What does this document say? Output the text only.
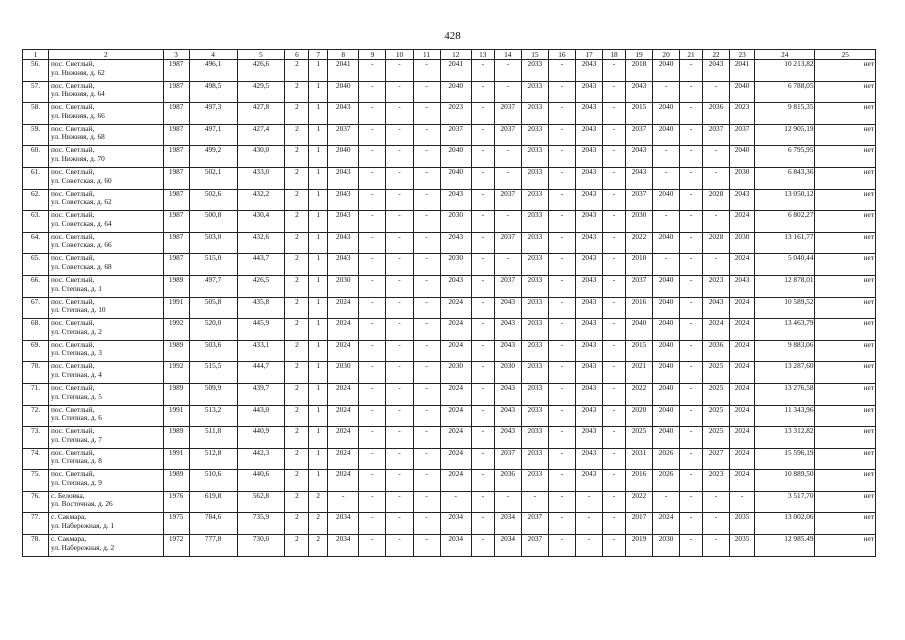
428
1	2	3	4	5	6	7	8	9	10	11	12	13	14	15	16	17	18	19	20	21	22	23	24	25
56.	пос. Светлый,
ул. Нижняя, д. 62	1987	496,1	426,6	2	1	2041	-	-	-	2041	-	-	2033	-	2043	-	2018	2040	-	2043	2041	10 213,82	нет
57.	пос. Светлый,
ул. Нижняя, д. 64	1987	498,5	429,5	2	1	2040	-	-	-	2040	-	-	2033	-	2043	-	2043	-	-	-	2040	6 788,05	нет
58.	пос. Светлый,
ул. Нижняя, д. 66	1987	497,3	427,8	2	1	2043	-	-	-	2023	-	2037	2033	-	2043	-	2015	2040	-	2036	2023	9 815,35	нет
59.	пос. Светлый,
ул. Нижняя, д. 68	1987	497,1	427,4	2	1	2037	-	-	-	2037	-	2037	2033	-	2043	-	2037	2040	-	2037	2037	12 905,19	нет
60.	пос. Светлый,
ул. Нижняя, д. 70	1987	499,2	430,0	2	1	2040	-	-	-	2040	-	-	2033	-	2043	-	2043	-	-	-	2040	6 795,95	нет
61.	пос. Светлый,
ул. Советская, д. 60	1987	502,1	433,0	2	1	2043	-	-	-	2040	-	-	2033	-	2043	-	2043	-	-	-	2030	6 843,36	нет
62.	пос. Светлый,
ул. Советская, д. 62	1987	502,6	432,2	2	1	2043	-	-	-	2043	-	2037	2033	-	2043	-	2037	2040	-	2028	2043	13 050,12	нет
63.	пос. Светлый,
ул. Советская, д. 64	1987	500,8	430,4	2	1	2043	-	-	-	2030	-	-	2033	-	2043	-	2030	-	-	-	2024	6 802,27	нет
64.	пос. Светлый,
ул. Советская, д. 66	1987	503,0	432,6	2	1	2043	-	-	-	2043	-	2037	2033	-	2043	-	2022	2040	-	2028	2030	13 161,77	нет
65.	пос. Светлый,
ул. Советская, д. 68	1987	515,0	443,7	2	1	2043	-	-	-	2030	-	-	2033	-	2043	-	2018	-	-	-	2024	5 040,44	нет
66.	пос. Светлый,
ул. Степная, д. 1	1989	497,7	426,5	2	1	2030	-	-	-	2043	-	2037	2033	-	2043	-	2037	2040	-	2023	2043	12 878,01	нет
67.	пос. Светлый,
ул. Степная, д. 10	1991	505,8	435,8	2	1	2024	-	-	-	2024	-	2043	2033	-	2043	-	2016	2040	-	2043	2024	10 589,52	нет
68.	пос. Светлый,
ул. Степная, д. 2	1992	520,0	445,9	2	1	2024	-	-	-	2024	-	2043	2033	-	2043	-	2040	2040	-	2024	2024	13 463,79	нет
69.	пос. Светлый,
ул. Степная, д. 3	1989	503,6	433,1	2	1	2024	-	-	-	2024	-	2043	2033	-	2043	-	2015	2040	-	2036	2024	9 883,06	нет
70.	пос. Светлый,
ул. Степная, д. 4	1992	515,5	444,7	2	1	2030	-	-	-	2030	-	2030	2033	-	2043	-	2021	2040	-	2025	2024	13 287,60	нет
71.	пос. Светлый,
ул. Степная, д. 5	1989	509,9	439,7	2	1	2024	-	-	-	2024	-	2043	2033	-	2043	-	2022	2040	-	2025	2024	13 276,58	нет
72.	пос. Светлый,
ул. Степная, д. 6	1991	513,2	443,0	2	1	2024	-	-	-	2024	-	2043	2033	-	2043	-	2020	2040	-	2025	2024	11 343,96	нет
73.	пос. Светлый,
ул. Степная, д. 7	1989	511,8	440,9	2	1	2024	-	-	-	2024	-	2043	2033	-	2043	-	2025	2040	-	2025	2024	13 312,82	нет
74.	пос. Светлый,
ул. Степная, д. 8	1991	512,8	442,3	2	1	2024	-	-	-	2024	-	2037	2033	-	2043	-	2031	2026	-	2027	2024	15 596,19	нет
75.	пос. Светлый,
ул. Степная, д. 9	1989	510,6	440,6	2	1	2024	-	-	-	2024	-	2036	2033	-	2043	-	2016	2026	-	2023	2024	10 889,50	нет
76.	с. Беловка,
ул. Восточная, д. 26	1976	619,8	562,8	2	2	-	-	-	-	-	-	-	-	-	-	-	2022	-	-	-	-	3 517,70	нет
77.	с. Сакмара,
ул. Набережная, д. 1	1975	784,6	735,9	2	2	2034	-	-	-	2034	-	2034	2037	-	-	-	2017	2024	-	-	2035	13 002,06	нет
78.	с. Сакмара,
ул. Набережная, д. 2	1972	777,8	730,0	2	2	2034	-	-	-	2034	-	2034	2037	-	-	-	2019	2030	-	-	2035	12 985,49	нет
